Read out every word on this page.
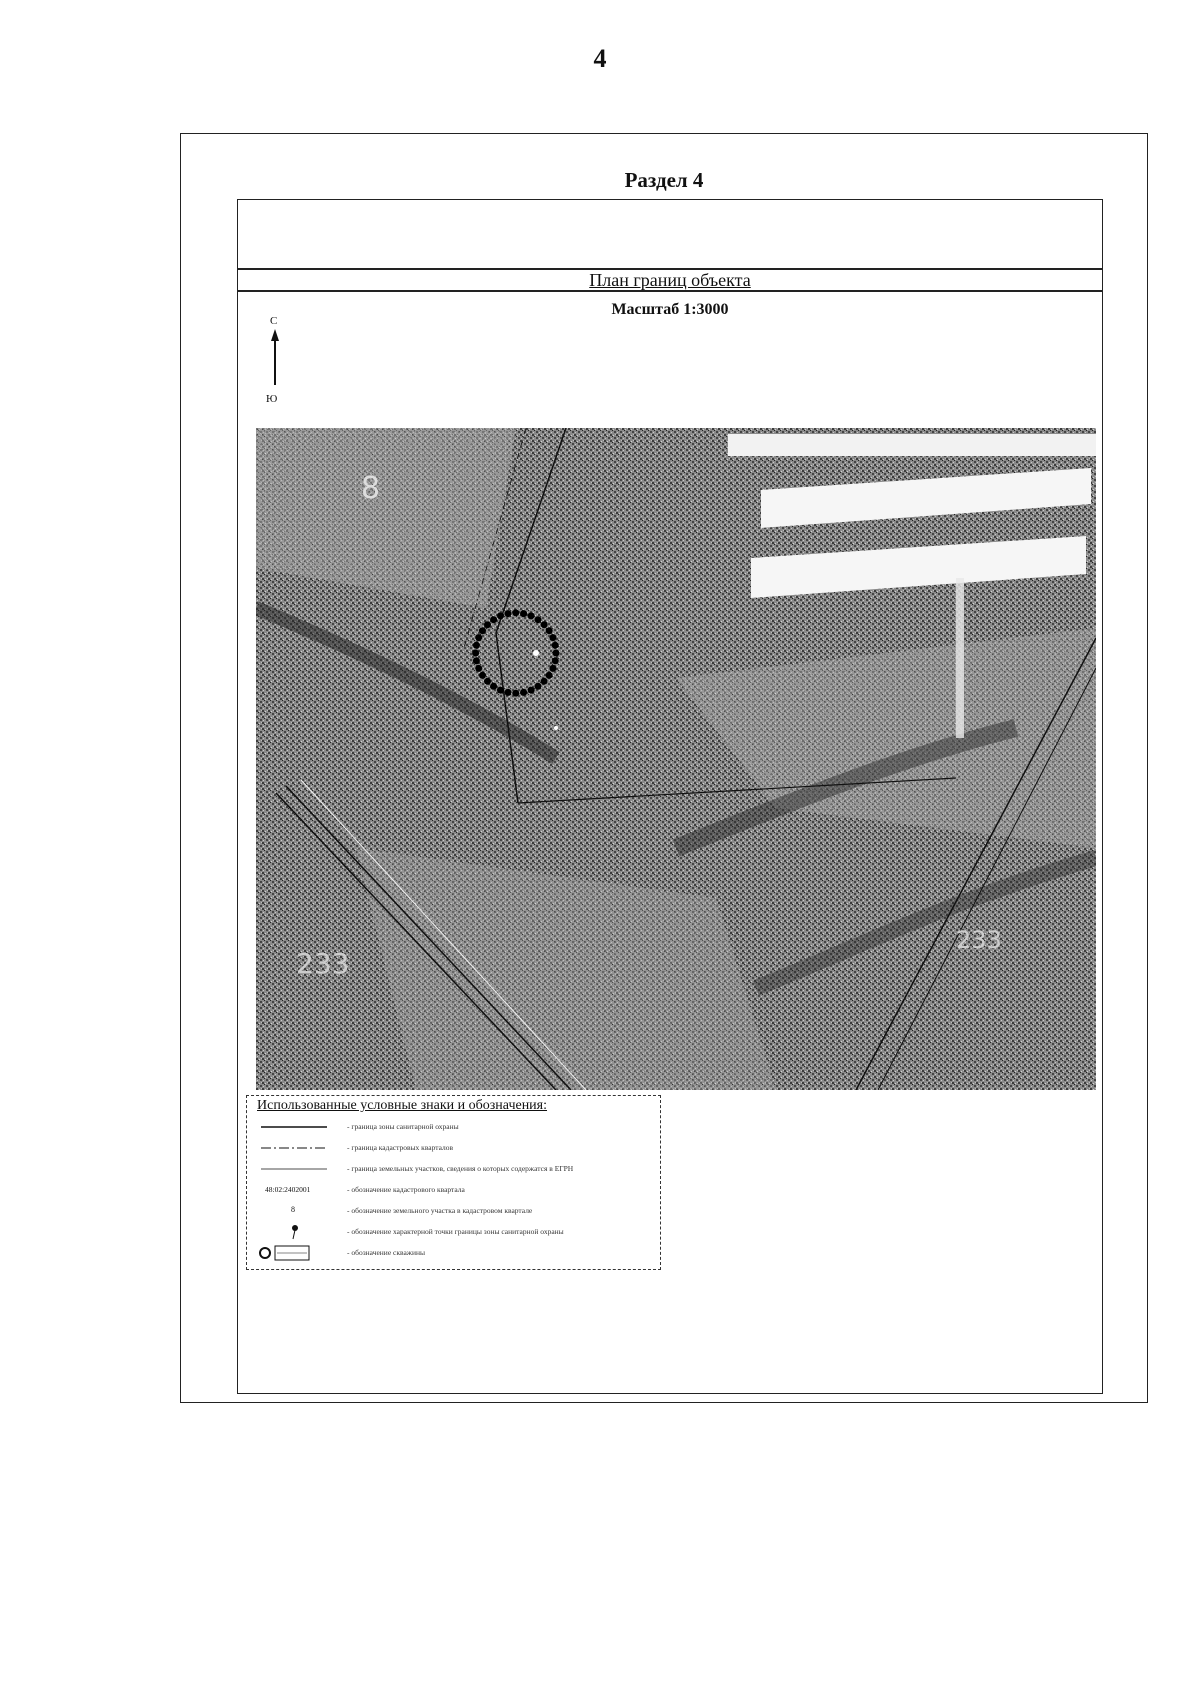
4
Раздел 4
План границ объекта
Масштаб 1:3000
С
Ю
8
233
233
Использованные условные знаки и обозначения:
- граница зоны санитарной охраны
- граница кадастровых кварталов
- граница земельных участков, сведения о которых содержатся в ЕГРН
48:02:2402001	- обозначение кадастрового квартала
8	- обозначение земельного участка в кадастровом квартале
- обозначение характерной точки границы зоны санитарной охраны
- обозначение скважины
